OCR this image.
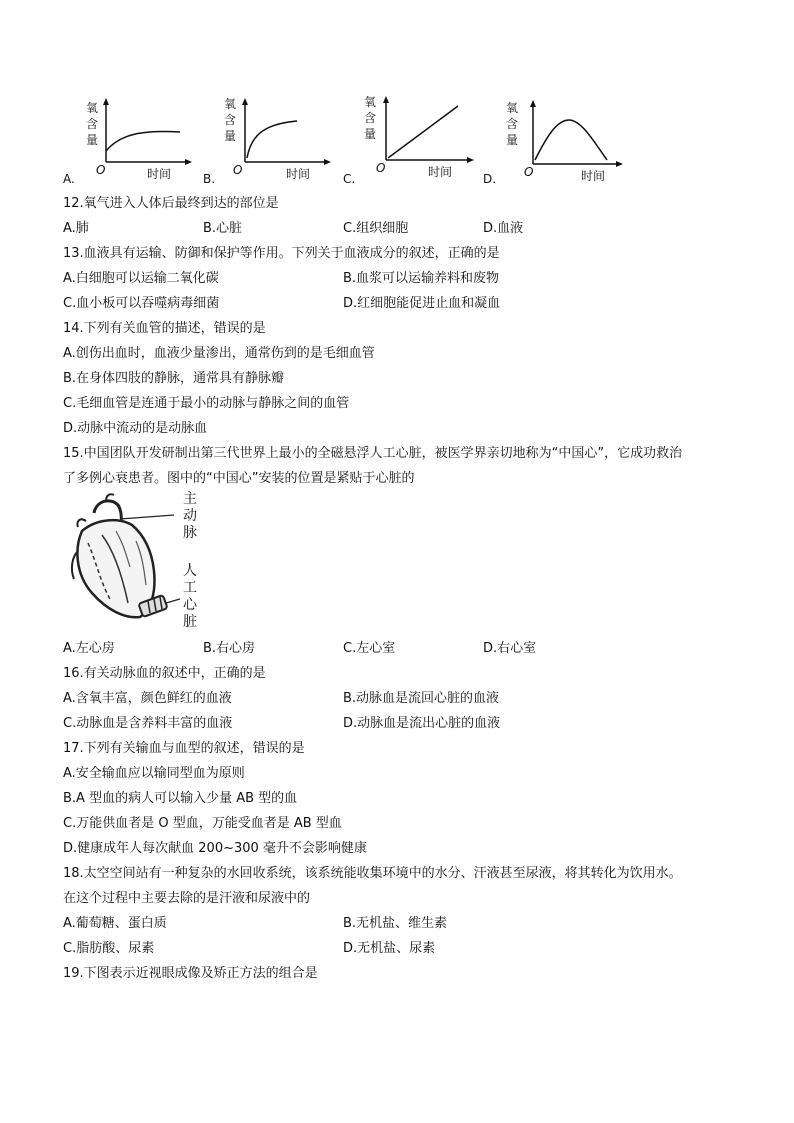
A.
氧
含
量
O	时间	B.
氧
含
量
O	时间	C.
氧
含
量
O	时间	D.
氧
含
量
O	时间
12.氧气进入人体后最终到达的部位是
A.肺	B.心脏	C.组织细胞	D.血液
13.血液具有运输、防御和保护等作用。下列关于血液成分的叙述，正确的是
A.白细胞可以运输二氧化碳	B.血浆可以运输养料和废物
C.血小板可以吞噬病毒细菌	D.红细胞能促进止血和凝血
14.下列有关血管的描述，错误的是
A.创伤出血时，血液少量渗出，通常伤到的是毛细血管
B.在身体四肢的静脉，通常具有静脉瓣
C.毛细血管是连通于最小的动脉与静脉之间的血管
D.动脉中流动的是动脉血
15.中国团队开发研制出第三代世界上最小的全磁悬浮人工心脏，被医学界亲切地称为“中国心”，它成功救治
了多例心衰患者。图中的“中国心”安装的位置是紧贴于心脏的
主
动
脉
人
工
心
脏
A.左心房	B.右心房	C.左心室	D.右心室
16.有关动脉血的叙述中，正确的是
A.含氧丰富，颜色鲜红的血液	B.动脉血是流回心脏的血液
C.动脉血是含养料丰富的血液	D.动脉血是流出心脏的血液
17.下列有关输血与血型的叙述，错误的是
A.安全输血应以输同型血为原则
B.A 型血的病人可以输入少量 AB 型的血
C.万能供血者是 O 型血，万能受血者是 AB 型血
D.健康成年人每次献血 200~300 毫升不会影响健康
18.太空空间站有一种复杂的水回收系统，该系统能收集环境中的水分、汗液甚至尿液，将其转化为饮用水。
在这个过程中主要去除的是汗液和尿液中的
A.葡萄糖、蛋白质	B.无机盐、维生素
C.脂肪酸、尿素	D.无机盐、尿素
19.下图表示近视眼成像及矫正方法的组合是
